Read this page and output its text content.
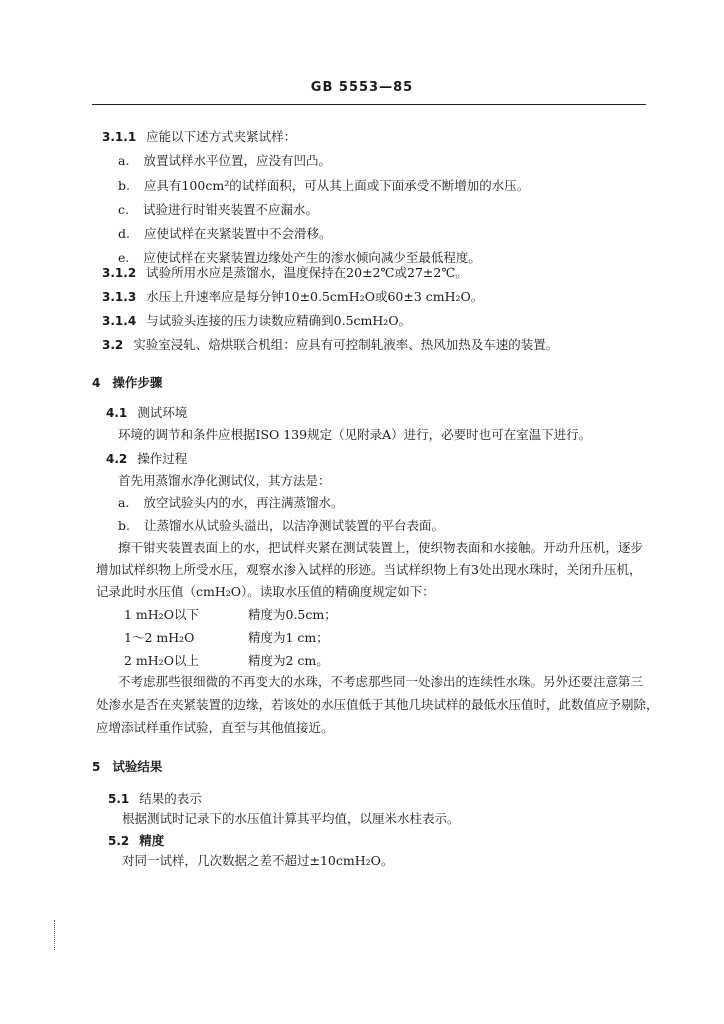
GB 5553—85
3.1.1 应能以下述方式夹紧试样：
a. 放置试样水平位置，应没有凹凸。
b. 应具有100cm²的试样面积，可从其上面或下面承受不断增加的水压。
c. 试验进行时钳夹装置不应漏水。
d. 应使试样在夹紧装置中不会滑移。
e. 应使试样在夹紧装置边缘处产生的渗水倾向减少至最低程度。
3.1.2 试验所用水应是蒸馏水，温度保持在20±2℃或27±2℃。
3.1.3 水压上升速率应是每分钟10±0.5cmH₂O或60±3 cmH₂O。
3.1.4 与试验头连接的压力读数应精确到0.5cmH₂O。
3.2 实验室浸轧、焙烘联合机组：应具有可控制轧液率、热风加热及车速的装置。
4 操作步骤
4.1 测试环境
环境的调节和条件应根据ISO 139规定（见附录A）进行，必要时也可在室温下进行。
4.2 操作过程
首先用蒸馏水净化测试仪，其方法是：
a. 放空试验头内的水，再注满蒸馏水。
b. 让蒸馏水从试验头溢出，以洁净测试装置的平台表面。
擦干钳夹装置表面上的水，把试样夹紧在测试装置上，使织物表面和水接触。开动升压机，逐步
增加试样织物上所受水压，观察水渗入试样的形迹。当试样织物上有3处出现水珠时，关闭升压机，
记录此时水压值（cmH₂O）。读取水压值的精确度规定如下：
1 mH₂O以下	精度为0.5cm；
1～2 mH₂O	精度为1 cm；
2 mH₂O以上	精度为2 cm。
不考虑那些很细微的不再变大的水珠，不考虑那些同一处渗出的连续性水珠。另外还要注意第三
处渗水是否在夹紧装置的边缘，若该处的水压值低于其他几块试样的最低水压值时，此数值应予剔除，
应增添试样重作试验，直至与其他值接近。
5 试验结果
5.1 结果的表示
根据测试时记录下的水压值计算其平均值，以厘米水柱表示。
5.2 精度
对同一试样，几次数据之差不超过±10cmH₂O。
